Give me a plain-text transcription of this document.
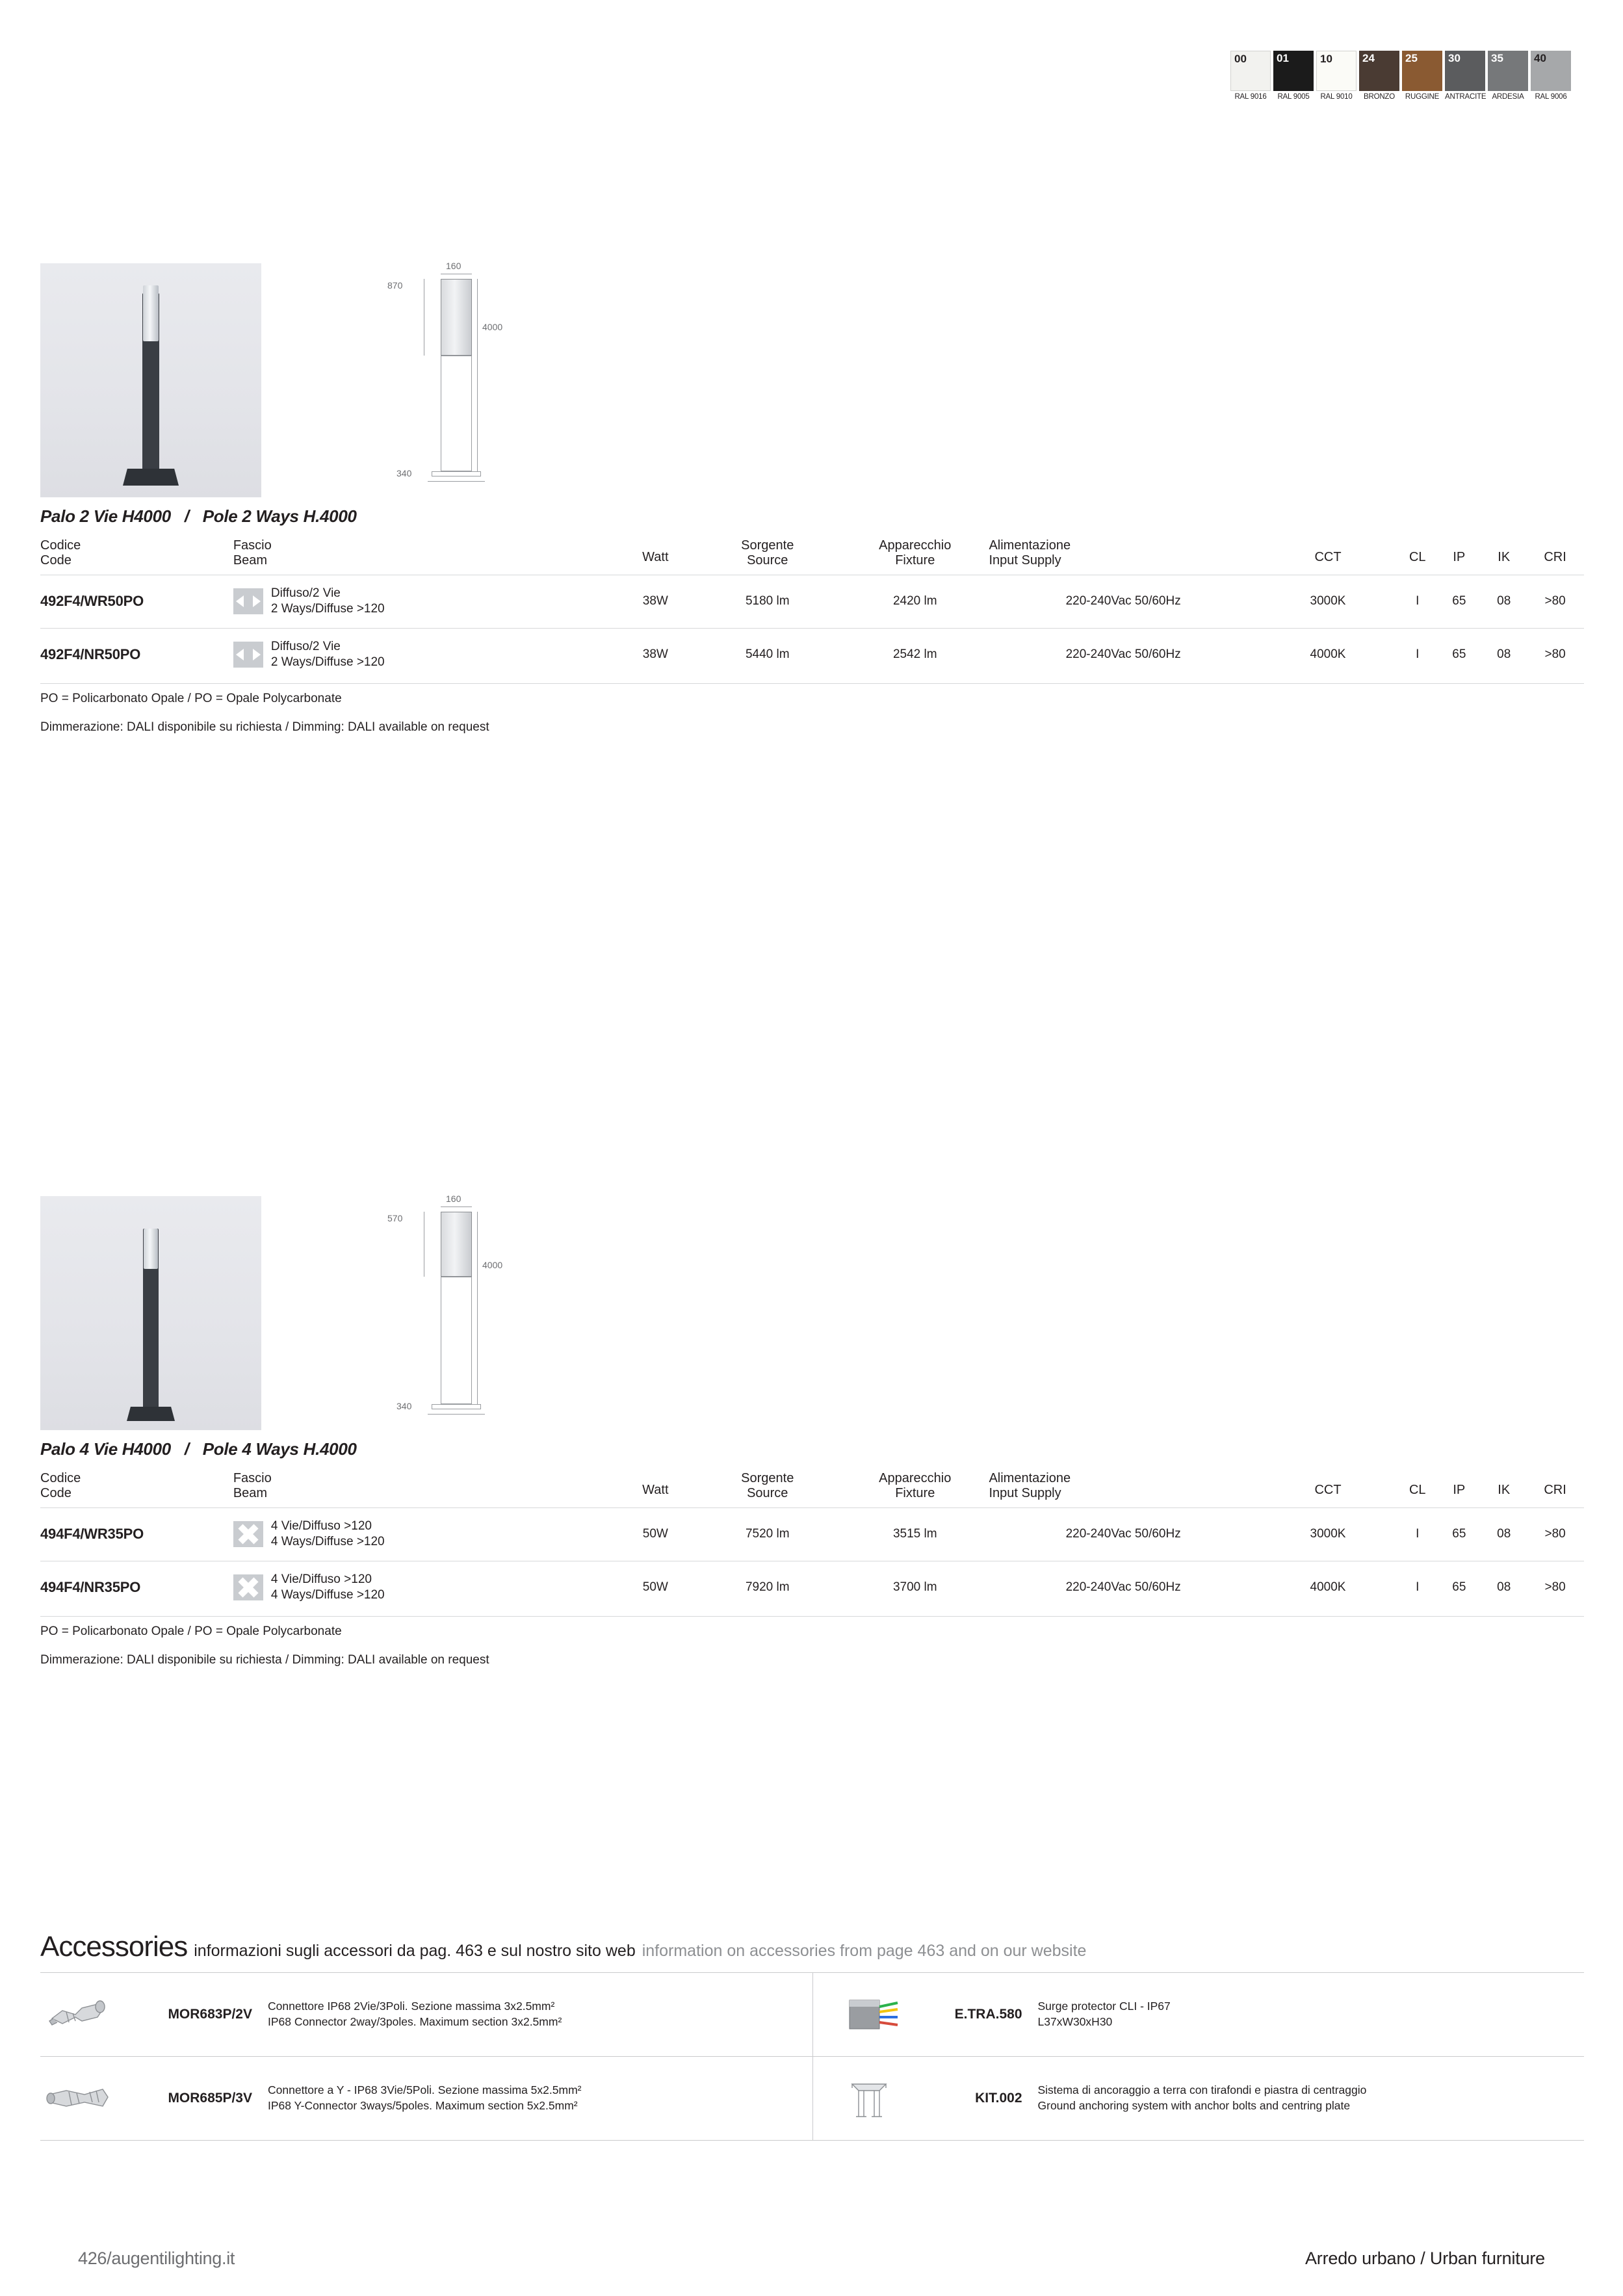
00
RAL 9016
01
RAL 9005
10
RAL 9010
24
BRONZO
25
RUGGINE
30
ANTRACITE
35
ARDESIA
40
RAL 9006
160
870
4000
340
Palo 2 Vie H4000 / Pole 2 Ways H.4000
Codice
Code

Fascio
Beam	Watt

Sorgente
Source

Apparecchio
Fixture

Alimentazione
Input Supply	CCT	CL	IP	IK	CRI

492F4/WR50PO	Diffuso/2 Vie
2 Ways/Diffuse >120	38W	5180 lm	2420 lm	220-240Vac 50/60Hz	3000K	I	65	08	>80
492F4/NR50PO	Diffuso/2 Vie
2 Ways/Diffuse >120	38W	5440 lm	2542 lm	220-240Vac 50/60Hz	4000K	I	65	08	>80
PO = Policarbonato Opale / PO = Opale Polycarbonate
Dimmerazione: DALI disponibile su richiesta / Dimming: DALI available on request
160
570
4000
340
Palo 4 Vie H4000 / Pole 4 Ways H.4000
Codice
Code

Fascio
Beam	Watt

Sorgente
Source

Apparecchio
Fixture

Alimentazione
Input Supply	CCT	CL	IP	IK	CRI

494F4/WR35PO	4 Vie/Diffuso >120
4 Ways/Diffuse >120	50W	7520 lm	3515 lm	220-240Vac 50/60Hz	3000K	I	65	08	>80
494F4/NR35PO	4 Vie/Diffuso >120
4 Ways/Diffuse >120	50W	7920 lm	3700 lm	220-240Vac 50/60Hz	4000K	I	65	08	>80
PO = Policarbonato Opale / PO = Opale Polycarbonate
Dimmerazione: DALI disponibile su richiesta / Dimming: DALI available on request
Accessories informazioni sugli accessori da pag. 463 e sul nostro sito web information on accessories from page 463 and on our website
MOR683P/2V
Connettore IP68 2Vie/3Poli. Sezione massima 3x2.5mm²
IP68 Connector 2way/3poles. Maximum section 3x2.5mm²	E.TRA.580
Surge protector CLI - IP67
L37xW30xH30
MOR685P/3V
Connettore a Y - IP68 3Vie/5Poli. Sezione massima 5x2.5mm²
IP68 Y-Connector 3ways/5poles. Maximum section 5x2.5mm²	KIT.002
Sistema di ancoraggio a terra con tirafondi e piastra di centraggio
Ground anchoring system with anchor bolts and centring plate
426/augentilighting.it	Arredo urbano / Urban furniture
